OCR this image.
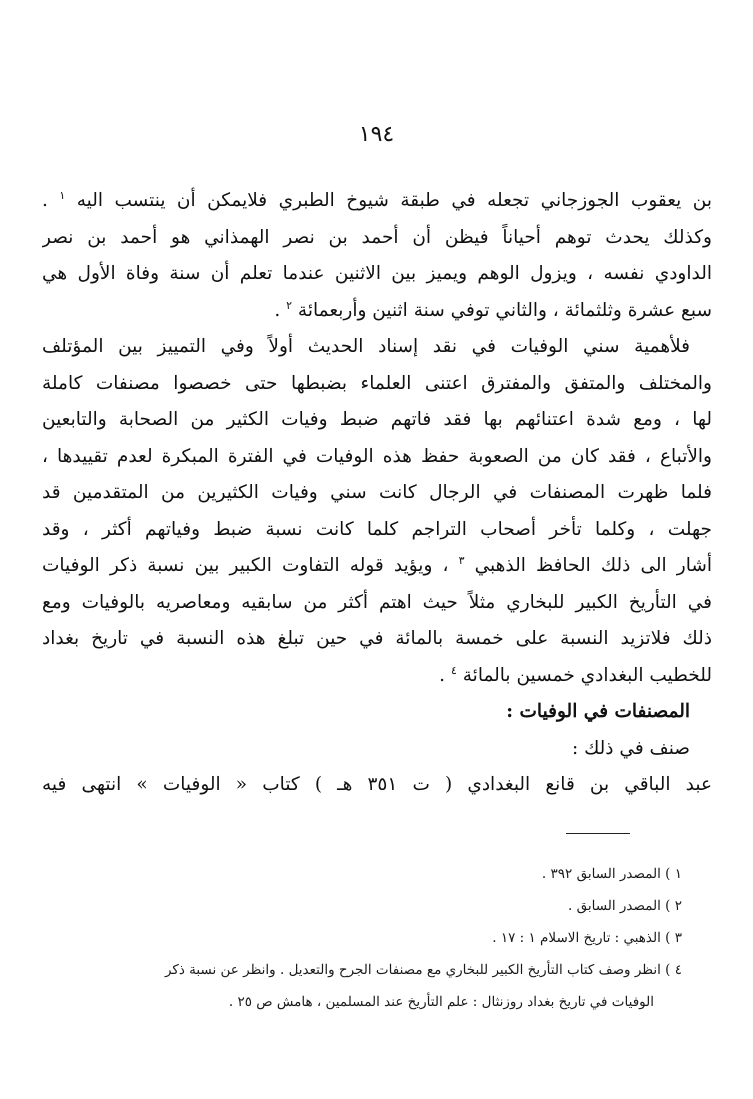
١٩٤
بن يعقوب الجوزجاني تجعله في طبقة شيوخ الطبري فلايمكن أن ينتسب اليه $^١$ .
وكذلك يحدث توهم أحياناً فيظن أن أحمد بن نصر الهمذاني هو أحمد بن نصر
الداودي نفسه ، ويزول الوهم ويميز بين الاثنين عندما تعلم أن سنة وفاة الأول هي
سبع عشرة وثلثمائة ، والثاني توفي سنة اثنين وأربعمائة $^٢$ .
فلأهمية سني الوفيات في نقد إسناد الحديث أولاً وفي التمييز بين المؤتلف
والمختلف والمتفق والمفترق اعتنى العلماء بضبطها حتى خصصوا مصنفات كاملة
لها ، ومع شدة اعتنائهم بها فقد فاتهم ضبط وفيات الكثير من الصحابة والتابعين
والأتباع ، فقد كان من الصعوبة حفظ هذه الوفيات في الفترة المبكرة لعدم تقييدها ،
فلما ظهرت المصنفات في الرجال كانت سني وفيات الكثيرين من المتقدمين قد
جهلت ، وكلما تأخر أصحاب التراجم كلما كانت نسبة ضبط وفياتهم أكثر ، وقد
أشار الى ذلك الحافظ الذهبي $^٣$ ، ويؤيد قوله التفاوت الكبير بين نسبة ذكر الوفيات
في التأريخ الكبير للبخاري مثلاً حيث اهتم أكثر من سابقيه ومعاصريه بالوفيات ومع
ذلك فلاتزيد النسبة على خمسة بالمائة في حين تبلغ هذه النسبة في تاريخ بغداد
للخطيب البغدادي خمسين بالمائة $^٤$ .
المصنفات في الوفيات :
صنف في ذلك :
عبد الباقي بن قانع البغدادي ( ت ٣٥١ هـ ) كتاب « الوفيات » انتهى فيه
١ ) المصدر السابق ٣٩٢ .
٢ ) المصدر السابق .
٣ ) الذهبي : تاريخ الاسلام ١ : ١٧ .
٤ ) انظر وصف كتاب التأريخ الكبير للبخاري مع مصنفات الجرح والتعديل . وانظر عن نسبة ذكر
الوفيات في تاريخ بغداد روزنثال : علم التأريخ عند المسلمين ، هامش ص ٢٥ .
